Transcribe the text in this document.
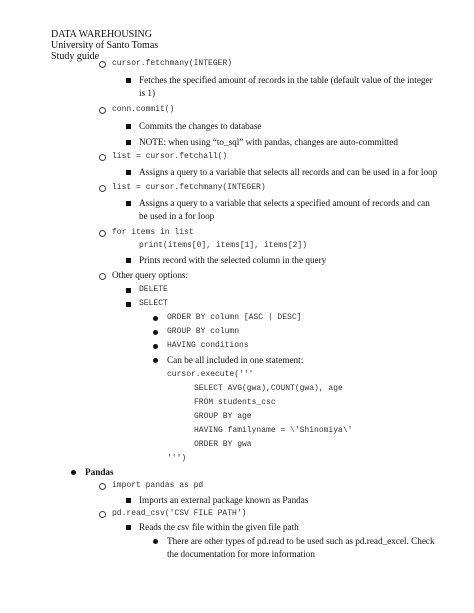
DATA WAREHOUSING
University of Santo Tomas
Study guide
cursor.fetchmany(INTEGER)
Fetches the specified amount of records in the table (default value of the integer
is 1)
conn.commit()
Commits the changes to database
NOTE: when using “to_sql” with pandas, changes are auto-committed
list = cursor.fetchall()
Assigns a query to a variable that selects all records and can be used in a for loop
list = cursor.fetchmany(INTEGER)
Assigns a query to a variable that selects a specified amount of records and can
be used in a for loop
for items in list
print(items[0], items[1], items[2])
Prints record with the selected column in the query
Other query options:
DELETE
SELECT
ORDER BY column [ASC | DESC]
GROUP BY column
HAVING conditions
Can be all included in one statement:
cursor.execute('''
SELECT AVG(gwa),COUNT(gwa), age
FROM students_csc
GROUP BY age
HAVING familyname = \'Shinomiya\'
ORDER BY gwa
''')
Pandas
import pandas as pd
Imports an external package known as Pandas
pd.read_csv('CSV FILE PATH')
Reads the csv file within the given file path
There are other types of pd.read to be used such as pd.read_excel. Check
the documentation for more information
